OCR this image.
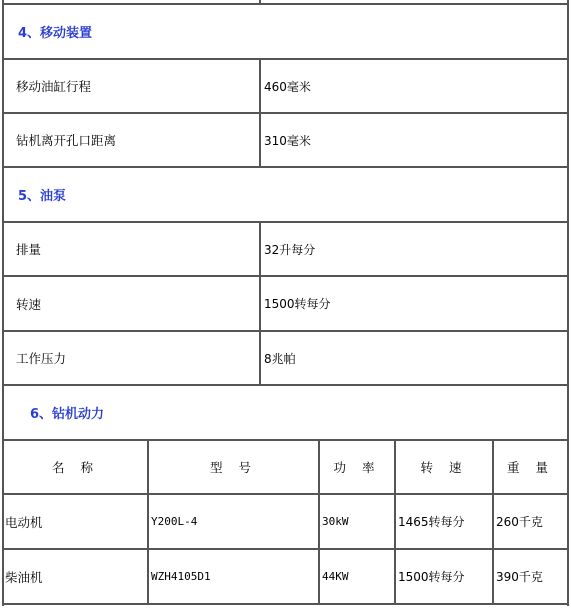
4、移动装置
移动油缸行程	460毫米
钻机离开孔口距离	310毫米
5、油泵
排量	32升每分
转速	1500转每分
工作压力	8兆帕
6、钻机动力
名 称	型 号	功 率	转 速	重 量
电动机	Y200L-4	30kW	1465转每分	260千克
柴油机	WZH4105D1	44KW	1500转每分	390千克
